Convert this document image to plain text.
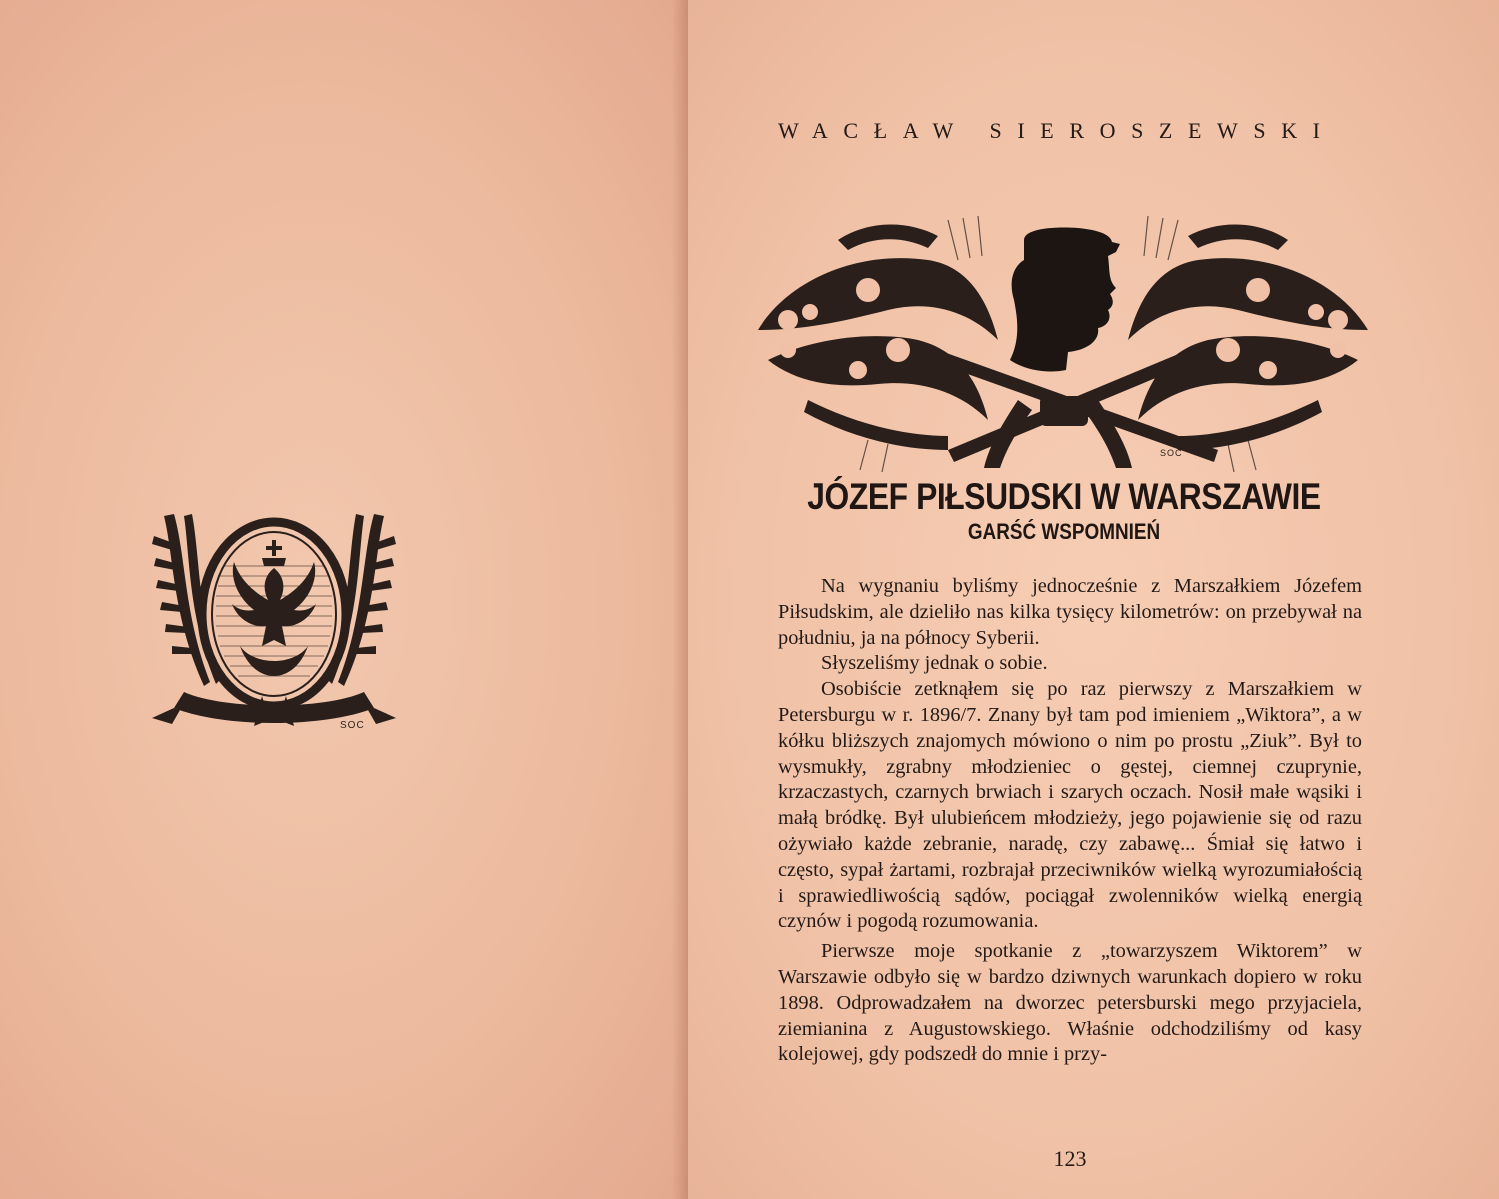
SOC
WACŁAW SIEROSZEWSKI
SOC
JÓZEF PIŁSUDSKI W WARSZAWIE
GARŚĆ WSPOMNIEŃ

Na wygnaniu byliśmy jednocześnie z Marszałkiem Józefem Piłsudskim, ale dzieliło nas kilka tysięcy kilometrów: on przebywał na południu, ja na północy Syberii.

Słyszeliśmy jednak o sobie.

Osobiście zetknąłem się po raz pierwszy z Marszałkiem w Petersburgu w r. 1896/7. Znany był tam pod imieniem „Wiktora”, a w kółku bliższych znajomych mówiono o nim po prostu „Ziuk”. Był to wysmukły, zgrabny młodzieniec o gęstej, ciemnej czuprynie, krzaczastych, czarnych brwiach i szarych oczach. Nosił małe wąsiki i małą bródkę. Był ulubieńcem młodzieży, jego pojawienie się od razu ożywiało każde zebranie, naradę, czy zabawę... Śmiał się łatwo i często, sypał żartami, rozbrajał przeciwników wielką wyrozumiałością i sprawiedliwością sądów, pociągał zwolenników wielką energią czynów i pogodą rozumowania.

Pierwsze moje spotkanie z „towarzyszem Wiktorem” w Warszawie odbyło się w bardzo dziwnych warunkach dopiero w roku 1898. Odprowadzałem na dworzec petersburski mego przyjaciela, ziemianina z Augustowskiego. Właśnie odchodziliśmy od kasy kolejowej, gdy podszedł do mnie i przy-

123
